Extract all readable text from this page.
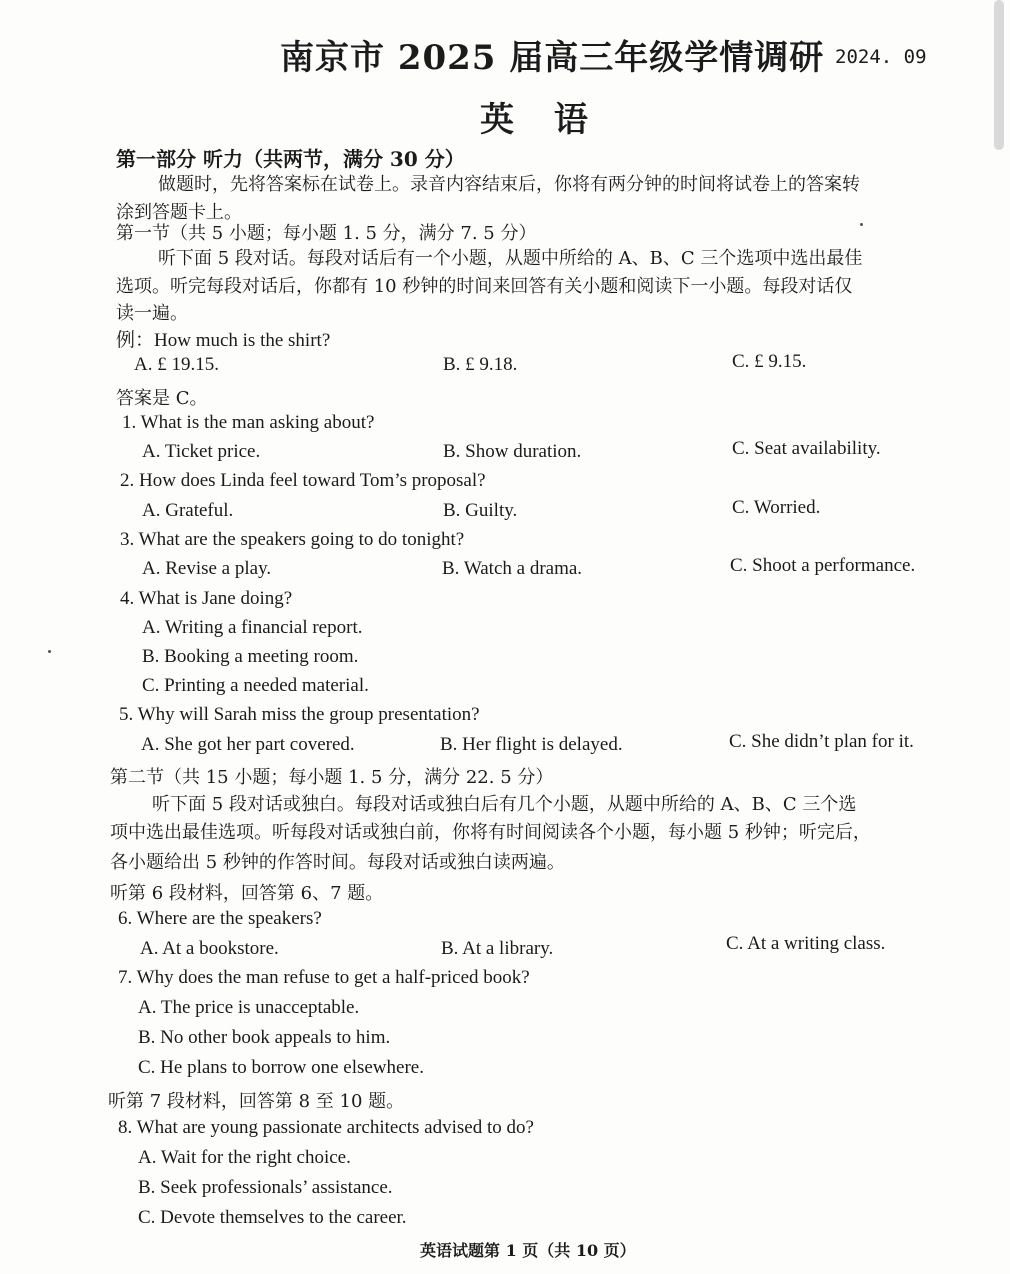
南京市 2025 届高三年级学情调研 2024. 09
英 语
第一部分 听力（共两节，满分 30 分）
做题时，先将答案标在试卷上。录音内容结束后，你将有两分钟的时间将试卷上的答案转
涂到答题卡上。
第一节（共 5 小题；每小题 1. 5 分，满分 7. 5 分）
听下面 5 段对话。每段对话后有一个小题，从题中所给的 A、B、C 三个选项中选出最佳
选项。听完每段对话后，你都有 10 秒钟的时间来回答有关小题和阅读下一小题。每段对话仅
读一遍。
例：How much is the shirt?
A. £ 19.15.	B. £ 9.18.	C. £ 9.15.
答案是 C。
1. What is the man asking about?
A. Ticket price.	B. Show duration.	C. Seat availability.
2. How does Linda feel toward Tom’s proposal?
A. Grateful.	B. Guilty.	C. Worried.
3. What are the speakers going to do tonight?
A. Revise a play.	B. Watch a drama.	C. Shoot a performance.
4. What is Jane doing?
A. Writing a financial report.
B. Booking a meeting room.
C. Printing a needed material.
5. Why will Sarah miss the group presentation?
A. She got her part covered.	B. Her flight is delayed.	C. She didn’t plan for it.
第二节（共 15 小题；每小题 1. 5 分，满分 22. 5 分）
听下面 5 段对话或独白。每段对话或独白后有几个小题，从题中所给的 A、B、C 三个选
项中选出最佳选项。听每段对话或独白前，你将有时间阅读各个小题，每小题 5 秒钟；听完后，
各小题给出 5 秒钟的作答时间。每段对话或独白读两遍。
听第 6 段材料，回答第 6、7 题。
6. Where are the speakers?
A. At a bookstore.	B. At a library.	C. At a writing class.
7. Why does the man refuse to get a half-priced book?
A. The price is unacceptable.
B. No other book appeals to him.
C. He plans to borrow one elsewhere.
听第 7 段材料，回答第 8 至 10 题。
8. What are young passionate architects advised to do?
A. Wait for the right choice.
B. Seek professionals’ assistance.
C. Devote themselves to the career.
英语试题第 1 页（共 10 页）
